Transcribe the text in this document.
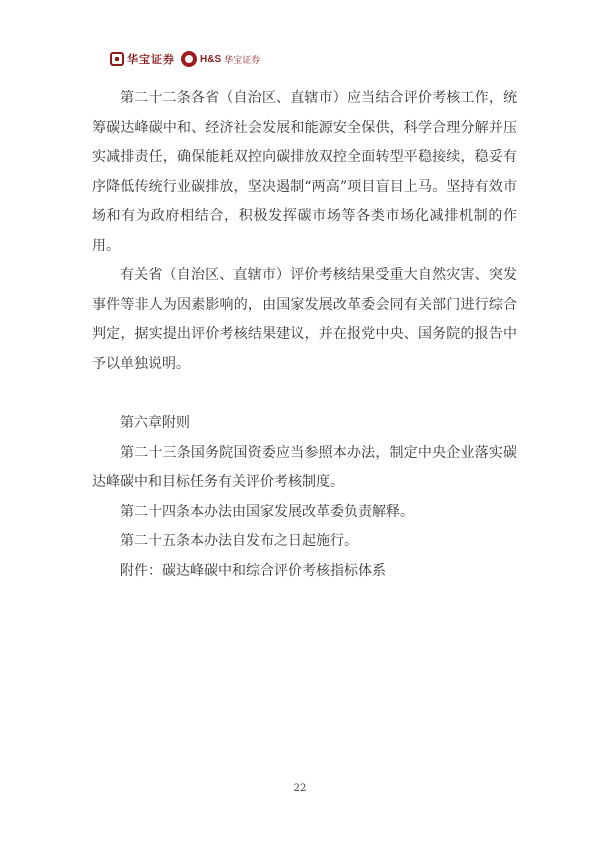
华宝证券	H&S 华宝证券

第二十二条各省（自治区、直辖市）应当结合评价考核工作，统筹碳达峰碳中和、经济社会发展和能源安全保供，科学合理分解并压实减排责任，确保能耗双控向碳排放双控全面转型平稳接续，稳妥有序降低传统行业碳排放，坚决遏制“两高”项目盲目上马。坚持有效市场和有为政府相结合，积极发挥碳市场等各类市场化减排机制的作用。

有关省（自治区、直辖市）评价考核结果受重大自然灾害、突发事件等非人为因素影响的，由国家发展改革委会同有关部门进行综合判定，据实提出评价考核结果建议，并在报党中央、国务院的报告中予以单独说明。

第六章附则

第二十三条国务院国资委应当参照本办法，制定中央企业落实碳达峰碳中和目标任务有关评价考核制度。

第二十四条本办法由国家发展改革委负责解释。

第二十五条本办法自发布之日起施行。

附件：碳达峰碳中和综合评价考核指标体系

22
